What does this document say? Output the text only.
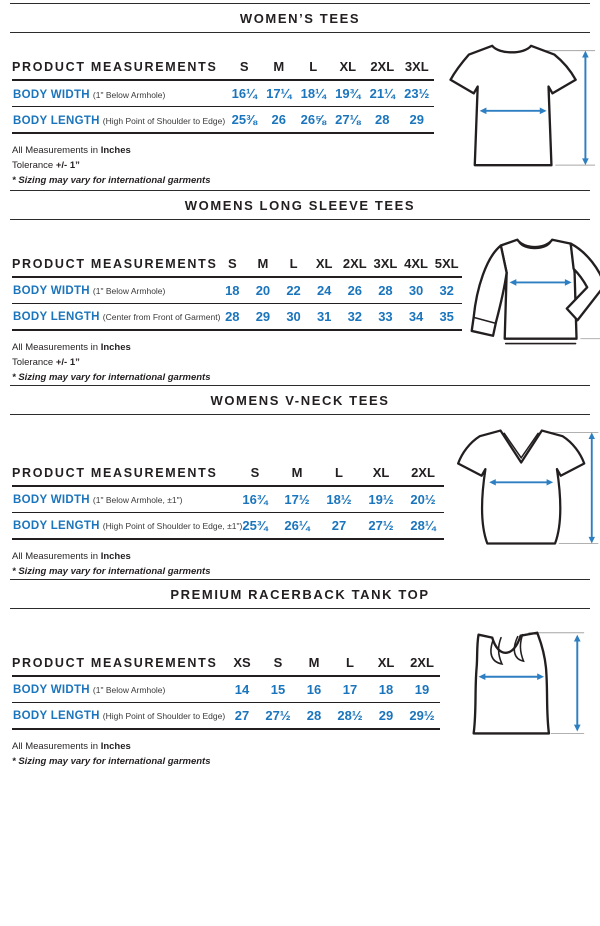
WOMEN’S TEES
PRODUCT MEASUREMENTS	S	M	L	XL	2XL	3XL
BODY WIDTH (1" Below Armhole)	16¼	17¼	18¼	19¾	21¼	23½
BODY LENGTH (High Point of Shoulder to Edge)	25⅜	26	26⅝	27⅛	28	29
All Measurements in Inches
Tolerance +/- 1”
* Sizing may vary for international garments
WOMENS LONG SLEEVE TEES
PRODUCT MEASUREMENTS	S	M	L	XL	2XL	3XL	4XL	5XL
BODY WIDTH (1" Below Armhole)	18	20	22	24	26	28	30	32
BODY LENGTH (Center from Front of Garment)	28	29	30	31	32	33	34	35
All Measurements in Inches
Tolerance +/- 1”
* Sizing may vary for international garments
WOMENS V-NECK TEES
PRODUCT MEASUREMENTS	S	M	L	XL	2XL
BODY WIDTH (1" Below Armhole, ±1")	16¾	17½	18½	19½	20½
BODY LENGTH (High Point of Shoulder to Edge, ±1")	25¾	26¼	27	27½	28¼
All Measurements in Inches
* Sizing may vary for international garments
PREMIUM RACERBACK TANK TOP
PRODUCT MEASUREMENTS	XS	S	M	L	XL	2XL
BODY WIDTH (1" Below Armhole)	14	15	16	17	18	19
BODY LENGTH (High Point of Shoulder to Edge)	27	27½	28	28½	29	29½
All Measurements in Inches
* Sizing may vary for international garments
